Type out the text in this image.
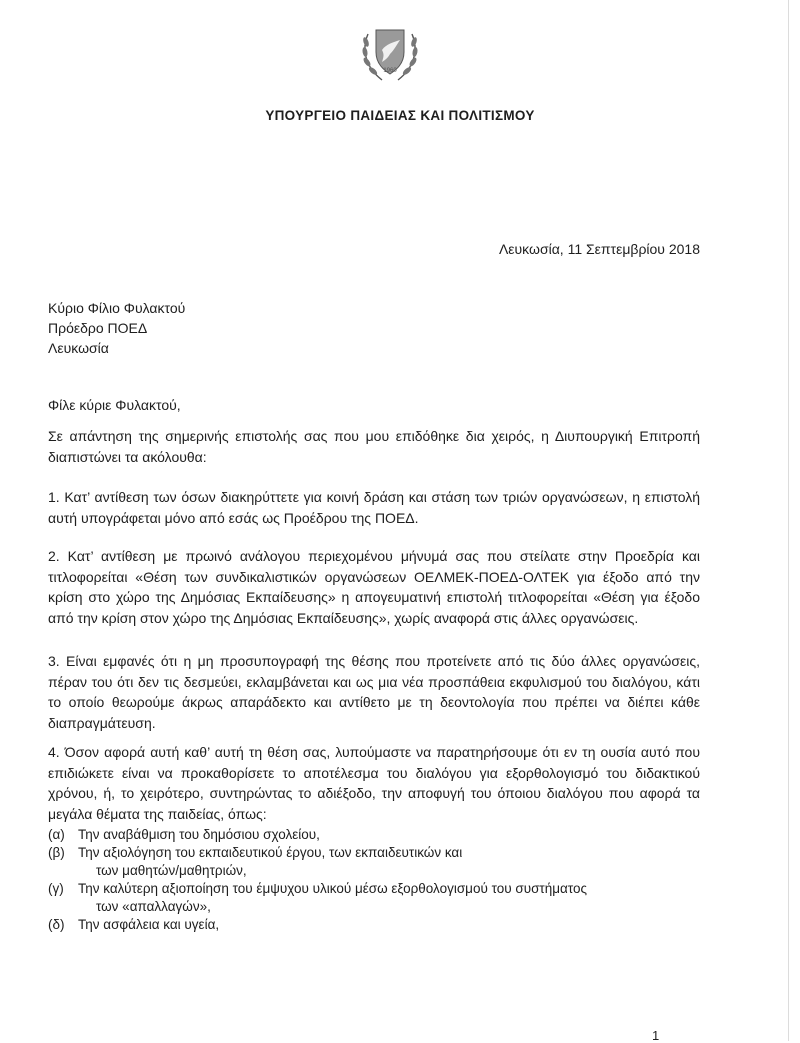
1960
ΥΠΟΥΡΓΕΙΟ ΠΑΙΔΕΙΑΣ ΚΑΙ ΠΟΛΙΤΙΣΜΟΥ
Λευκωσία, 11 Σεπτεμβρίου 2018
Κύριο Φίλιο Φυλακτού
Πρόεδρο ΠΟΕΔ
Λευκωσία
Φίλε κύριε Φυλακτού,

Σε απάντηση της σημερινής επιστολής σας που μου επιδόθηκε δια χειρός, η Διυπουργική Επιτροπή διαπιστώνει τα ακόλουθα:

1. Κατ’ αντίθεση των όσων διακηρύττετε για κοινή δράση και στάση των τριών οργανώσεων, η επιστολή αυτή υπογράφεται μόνο από εσάς ως Προέδρου της ΠΟΕΔ.

2. Κατ’ αντίθεση με πρωινό ανάλογου περιεχομένου μήνυμά σας που στείλατε στην Προεδρία και τιτλοφορείται «Θέση των συνδικαλιστικών οργανώσεων ΟΕΛΜΕΚ-ΠΟΕΔ-ΟΛΤΕΚ για έξοδο από την κρίση στο χώρο της Δημόσιας Εκπαίδευσης» η απογευματινή επιστολή τιτλοφορείται «Θέση για έξοδο από την κρίση στον χώρο της Δημόσιας Εκπαίδευσης», χωρίς αναφορά στις άλλες οργανώσεις.

3. Είναι εμφανές ότι η μη προσυπογραφή της θέσης που προτείνετε από τις δύο άλλες οργανώσεις, πέραν του ότι δεν τις δεσμεύει, εκλαμβάνεται και ως μια νέα προσπάθεια εκφυλισμού του διαλόγου, κάτι το οποίο θεωρούμε άκρως απαράδεκτο και αντίθετο με τη δεοντολογία που πρέπει να διέπει κάθε διαπραγμάτευση.

4. Όσον αφορά αυτή καθ’ αυτή τη θέση σας, λυπούμαστε να παρατηρήσουμε ότι εν τη ουσία αυτό που επιδιώκετε είναι να προκαθορίσετε το αποτέλεσμα του διαλόγου για εξορθολογισμό του διδακτικού χρόνου, ή, το χειρότερο, συντηρώντας το αδιέξοδο, την αποφυγή του όποιου διαλόγου που αφορά τα μεγάλα θέματα της παιδείας, όπως:

(α) Την αναβάθμιση του δημόσιου σχολείου,
(β) Την αξιολόγηση του εκπαιδευτικού έργου, των εκπαιδευτικών και
των μαθητών/μαθητριών,
(γ)	Την καλύτερη αξιοποίηση του έμψυχου υλικού μέσω εξορθολογισμού του συστήματος
των «απαλλαγών»,
(δ) Την ασφάλεια και υγεία,
1
